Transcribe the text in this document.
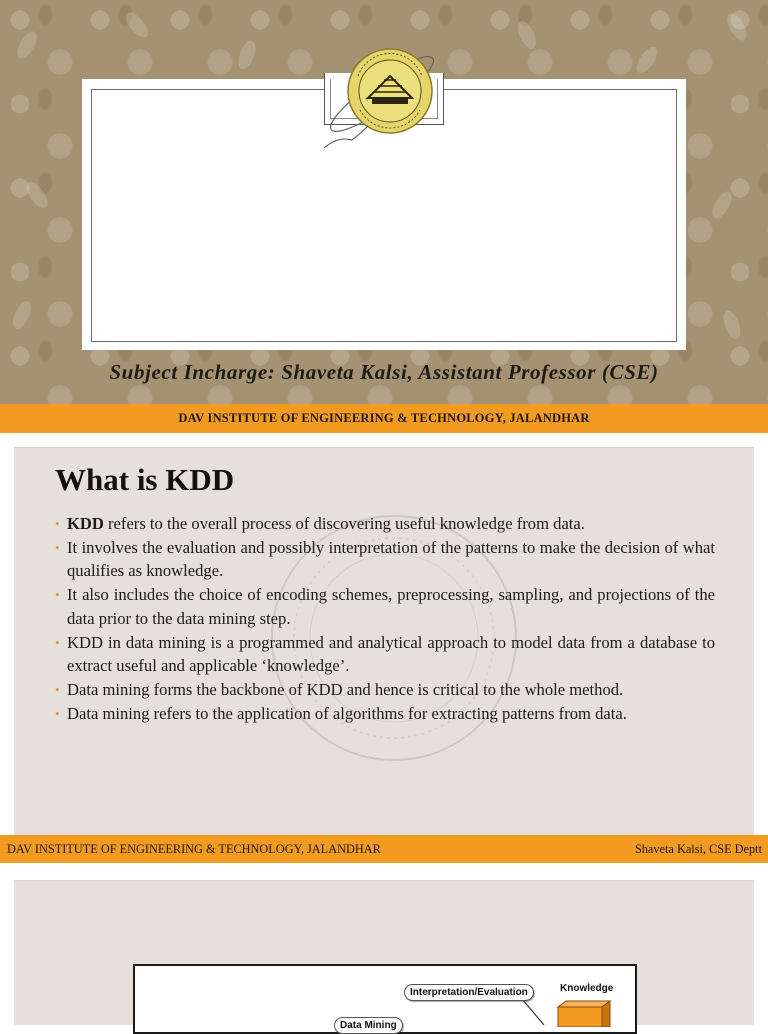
Subject Incharge: Shaveta Kalsi, Assistant Professor (CSE)
DAV INSTITUTE OF ENGINEERING & TECHNOLOGY, JALANDHAR
What is KDD
• KDD refers to the overall process of discovering useful knowledge from data.
• It involves the evaluation and possibly interpretation of the patterns to make the decision of what qualifies as knowledge.
• It also includes the choice of encoding schemes, preprocessing, sampling, and projections of the data prior to the data mining step.
• KDD in data mining is a programmed and analytical approach to model data from a database to extract useful and applicable ‘knowledge’.
• Data mining forms the backbone of KDD and hence is critical to the whole method.
• Data mining refers to the application of algorithms for extracting patterns from data.
DAV INSTITUTE OF ENGINEERING & TECHNOLOGY, JALANDHAR	Shaveta Kalsi, CSE Deptt
Interpretation/Evaluation
Data Mining
Knowledge
